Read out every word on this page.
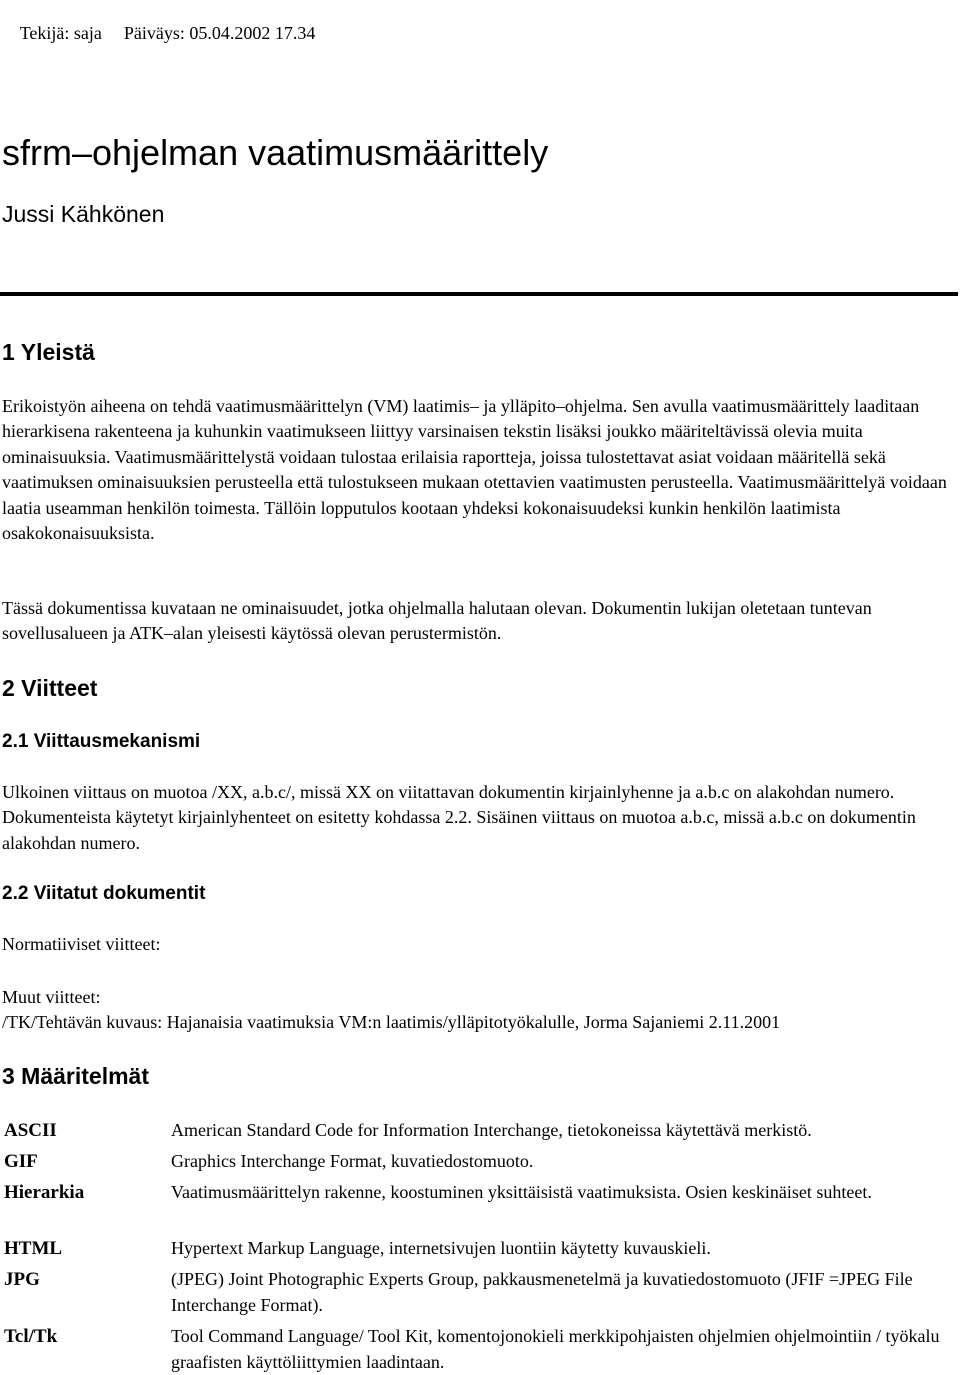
Tekijä: saja Päiväys: 05.04.2002 17.34

sfrm–ohjelman vaatimusmäärittely
Jussi Kähkönen
1 Yleistä

Erikoistyön aiheena on tehdä vaatimusmäärittelyn (VM) laatimis– ja ylläpito–ohjelma. Sen avulla vaatimusmäärittely laaditaan hierarkisena rakenteena ja kuhunkin vaatimukseen liittyy varsinaisen tekstin lisäksi joukko määriteltävissä olevia muita ominaisuuksia. Vaatimusmäärittelystä voidaan tulostaa erilaisia raportteja, joissa tulostettavat asiat voidaan määritellä sekä vaatimuksen ominaisuuksien perusteella että tulostukseen mukaan otettavien vaatimusten perusteella. Vaatimusmäärittelyä voidaan laatia useamman henkilön toimesta. Tällöin lopputulos kootaan yhdeksi kokonaisuudeksi kunkin henkilön laatimista osakokonaisuuksista.

Tässä dokumentissa kuvataan ne ominaisuudet, jotka ohjelmalla halutaan olevan. Dokumentin lukijan oletetaan tuntevan sovellusalueen ja ATK–alan yleisesti käytössä olevan perustermistön.

2 Viitteet
2.1 Viittausmekanismi

Ulkoinen viittaus on muotoa /XX, a.b.c/, missä XX on viitattavan dokumentin kirjainlyhenne ja a.b.c on alakohdan numero. Dokumenteista käytetyt kirjainlyhenteet on esitetty kohdassa 2.2. Sisäinen viittaus on muotoa a.b.c, missä a.b.c on dokumentin alakohdan numero.

2.2 Viitatut dokumentit

Normatiiviset viitteet:

Muut viitteet:

/TK/Tehtävän kuvaus: Hajanaisia vaatimuksia VM:n laatimis/ylläpitotyökalulle, Jorma Sajaniemi 2.11.2001

3 Määritelmät
ASCII	American Standard Code for Information Interchange, tietokoneissa käytettävä merkistö.
GIF	Graphics Interchange Format, kuvatiedostomuoto.
Hierarkia	Vaatimusmäärittelyn rakenne, koostuminen yksittäisistä vaatimuksista. Osien keskinäiset suhteet.
HTML	Hypertext Markup Language, internetsivujen luontiin käytetty kuvauskieli.
JPG	(JPEG) Joint Photographic Experts Group, pakkausmenetelmä ja kuvatiedostomuoto (JFIF =JPEG File Interchange Format).
Tcl/Tk	Tool Command Language/ Tool Kit, komentojonokieli merkkipohjaisten ohjelmien ohjelmointiin / työkalu graafisten käyttöliittymien laadintaan.
